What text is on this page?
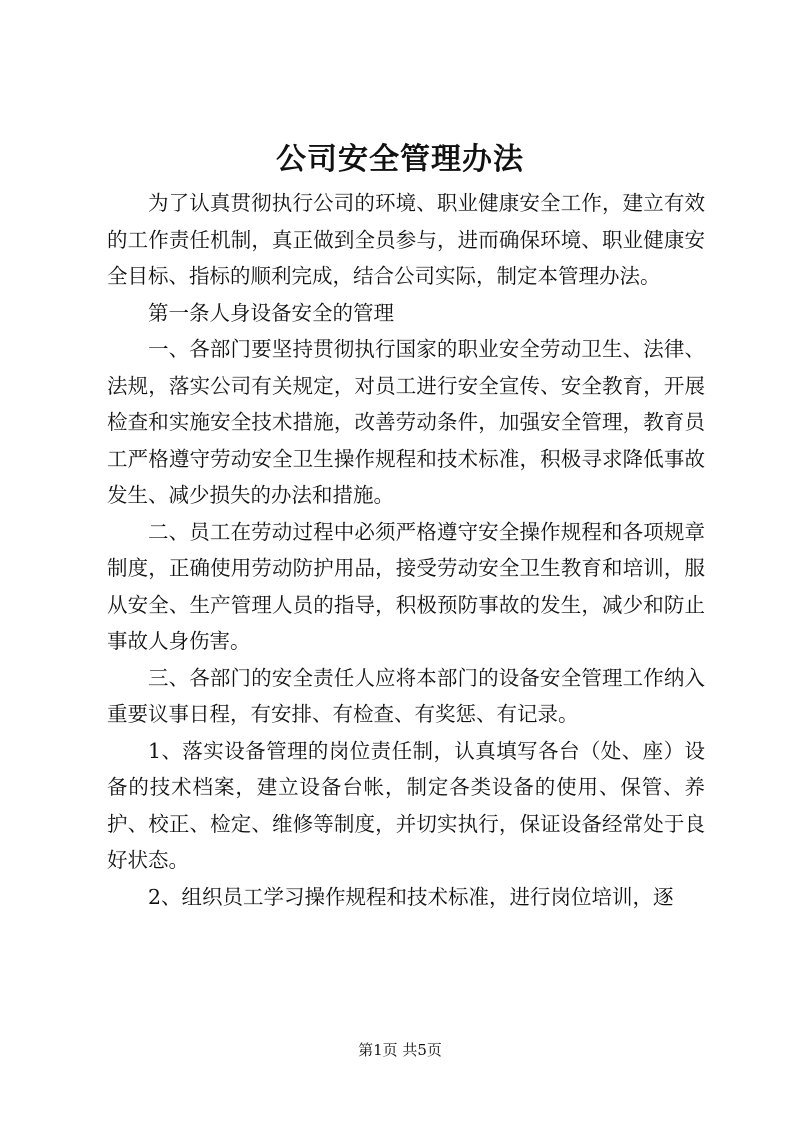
公司安全管理办法

为了认真贯彻执行公司的环境、职业健康安全工作，建立有效的工作责任机制，真正做到全员参与，进而确保环境、职业健康安全目标、指标的顺利完成，结合公司实际，制定本管理办法。

第一条人身设备安全的管理

一、各部门要坚持贯彻执行国家的职业安全劳动卫生、法律、法规，落实公司有关规定，对员工进行安全宣传、安全教育，开展检查和实施安全技术措施，改善劳动条件，加强安全管理，教育员工严格遵守劳动安全卫生操作规程和技术标准，积极寻求降低事故发生、减少损失的办法和措施。

二、员工在劳动过程中必须严格遵守安全操作规程和各项规章制度，正确使用劳动防护用品，接受劳动安全卫生教育和培训，服从安全、生产管理人员的指导，积极预防事故的发生，减少和防止事故人身伤害。

三、各部门的安全责任人应将本部门的设备安全管理工作纳入重要议事日程，有安排、有检查、有奖惩、有记录。

1、落实设备管理的岗位责任制，认真填写各台（处、座）设备的技术档案，建立设备台帐，制定各类设备的使用、保管、养护、校正、检定、维修等制度，并切实执行，保证设备经常处于良好状态。

2、组织员工学习操作规程和技术标准，进行岗位培训，逐

第1页 共5页
